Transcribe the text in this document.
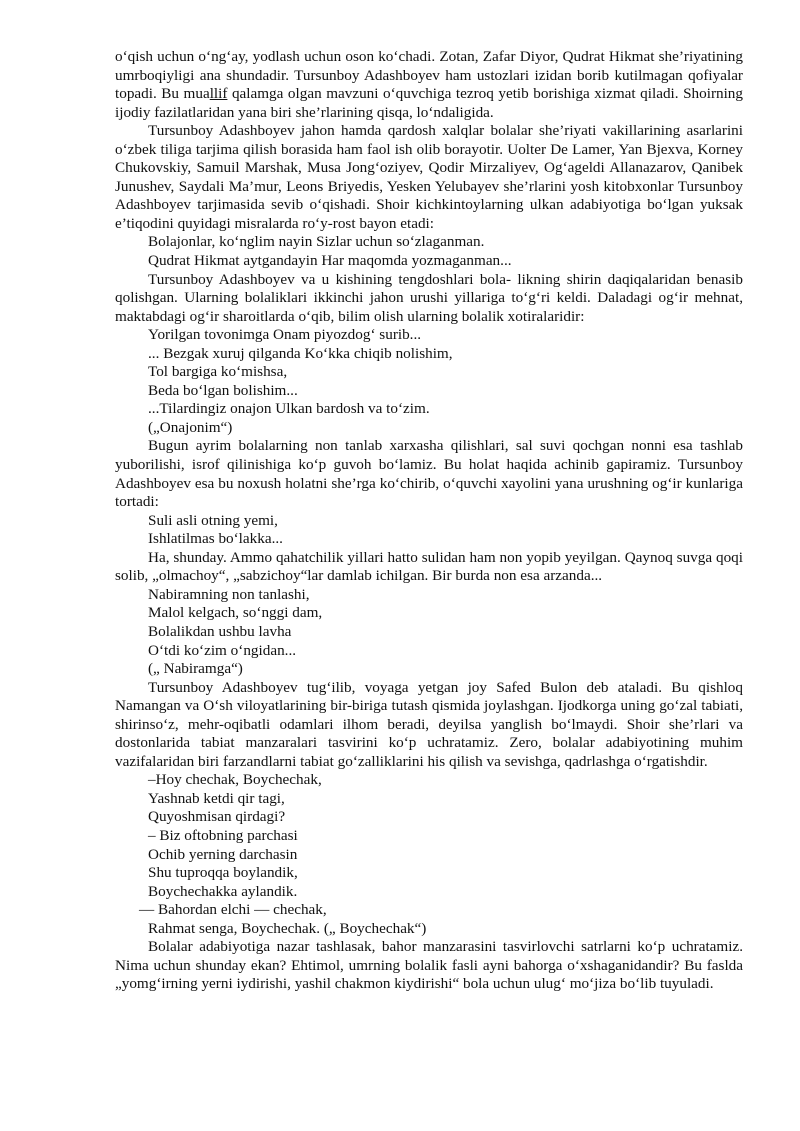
o‘qish uchun o‘ng‘ay, yodlash uchun oson ko‘chadi. Zotan, Zafar Diyor, Qudrat Hikmat she’riyatining umrboqiyligi ana shundadir. Tursunboy Adashboyev ham ustozlari izidan borib kutilmagan qofiyalar topadi. Bu muallif qalamga olgan mavzuni o‘quvchiga tezroq yetib borishiga xizmat qiladi. Shoirning ijodiy fazilatlaridan yana biri she’rlarining qisqa, lo‘ndaligida.

Tursunboy Adashboyev jahon hamda qardosh xalqlar bolalar she’riyati vakillarining asarlarini o‘zbek tiliga tarjima qilish borasida ham faol ish olib borayotir. Uolter De Lamer, Yan Bjexva, Korney Chukovskiy, Samuil Marshak, Musa Jong‘oziyev, Qodir Mirzaliyev, Og‘ageldi Allanazarov, Qanibek Junushev, Saydali Ma’mur, Leons Briyedis, Yesken Yelubayev she’rlarini yosh kitobxonlar Tursunboy Adashboyev tarjimasida sevib o‘qishadi. Shoir kichkintoylarning ulkan adabiyotiga bo‘lgan yuksak e’tiqodini quyidagi misralarda ro‘y-rost bayon etadi:

Bolajonlar, ko‘nglim nayin Sizlar uchun so‘zlaganman.

Qudrat Hikmat aytgandayin Har maqomda yozmaganman...

Tursunboy Adashboyev va u kishining tengdoshlari bola- likning shirin daqiqalaridan benasib qolishgan. Ularning bolaliklari ikkinchi jahon urushi yillariga to‘g‘ri keldi. Daladagi og‘ir mehnat, maktabdagi og‘ir sharoitlarda o‘qib, bilim olish ularning bolalik xotiralaridir:

Yorilgan tovonimga Onam piyozdog‘ surib...

... Bezgak xuruj qilganda Ko‘kka chiqib nolishim,

Tol bargiga ko‘mishsa,

Beda bo‘lgan bolishim...

...Tilardingiz onajon Ulkan bardosh va to‘zim.

(„Onajonim“)

Bugun ayrim bolalarning non tanlab xarxasha qilishlari, sal suvi qochgan nonni esa tashlab yuborilishi, isrof qilinishiga ko‘p guvoh bo‘lamiz. Bu holat haqida achinib gapiramiz. Tursunboy Adashboyev esa bu noxush holatni she’rga ko‘chirib, o‘quvchi xayolini yana urushning og‘ir kunlariga tortadi:

Suli asli otning yemi,

Ishlatilmas bo‘lakka...

Ha, shunday. Ammo qahatchilik yillari hatto sulidan ham non yopib yeyilgan. Qaynoq suvga qoqi solib, „olmachoy“, „sabzichoy“lar damlab ichilgan. Bir burda non esa arzanda...

Nabiramning non tanlashi,

Malol kelgach, so‘nggi dam,

Bolalikdan ushbu lavha

O‘tdi ko‘zim o‘ngidan...

(„ Nabiramga“)

Tursunboy Adashboyev tug‘ilib, voyaga yetgan joy Safed Bulon deb ataladi. Bu qishloq Namangan va O‘sh viloyatlarining bir-biriga tutash qismida joylashgan. Ijodkorga uning go‘zal tabiati, shirinso‘z, mehr-oqibatli odamlari ilhom beradi, deyilsa yanglish bo‘lmaydi. Shoir she’rlari va dostonlarida tabiat manzaralari tasvirini ko‘p uchratamiz. Zero, bolalar adabiyotining muhim vazifalaridan biri farzandlarni tabiat go‘zalliklarini his qilish va sevishga, qadrlashga o‘rgatishdir.

–Hoy chechak, Boychechak,

Yashnab ketdi qir tagi,

Quyoshmisan qirdagi?

– Biz oftobning parchasi

Ochib yerning darchasin

Shu tuproqqa boylandik,

Boychechakka aylandik.

— Bahordan elchi — chechak,

Rahmat senga, Boychechak. („ Boychechak“)

Bolalar adabiyotiga nazar tashlasak, bahor manzarasini tasvirlovchi satrlarni ko‘p uchratamiz. Nima uchun shunday ekan? Ehtimol, umrning bolalik fasli ayni bahorga o‘xshaganidandir? Bu faslda „yomg‘irning yerni iydirishi, yashil chakmon kiydirishi“ bola uchun ulug‘ mo‘jiza bo‘lib tuyuladi.
